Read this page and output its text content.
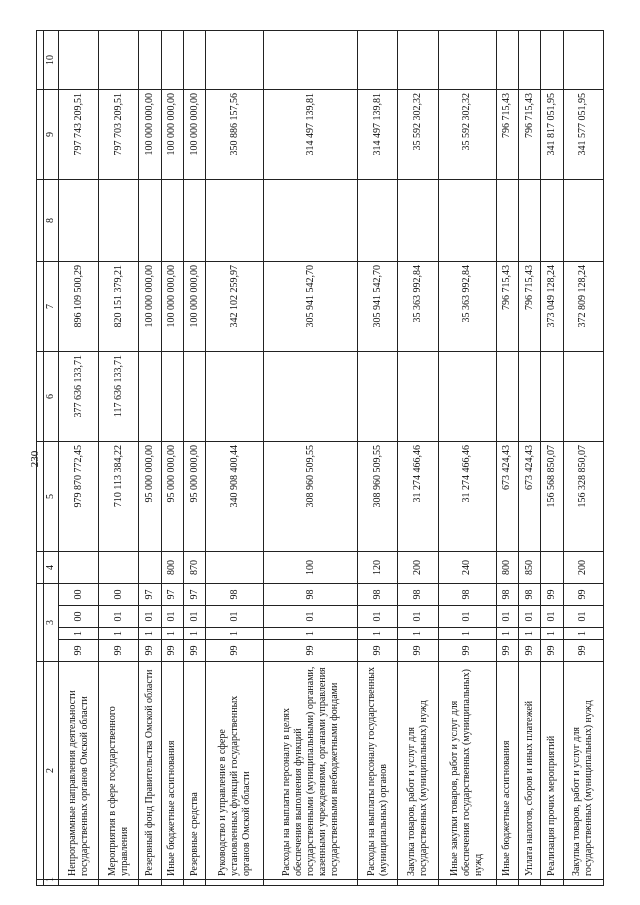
230

1	2	3				4	5	6	7	8	9	10
	Непрограммные направления деятельности государственных органов Омской области	99	1	00	00		979 870 772,45	377 636 133,71	896 109 500,29		797 743 209,51	
	Мероприятия в сфере государственного управления	99	1	01	00		710 113 384,22	117 636 133,71	820 151 379,21		797 703 209,51	
	Резервный фонд Правительства Омской области	99	1	01	97		95 000 000,00		100 000 000,00		100 000 000,00	
	Иные бюджетные ассигнования	99	1	01	97	800	95 000 000,00		100 000 000,00		100 000 000,00	
	Резервные средства	99	1	01	97	870	95 000 000,00		100 000 000,00		100 000 000,00	
	Руководство и управление в сфере установленных функций государственных органов Омской области	99	1	01	98		340 908 400,44		342 102 259,97		350 886 157,56	
	Расходы на выплаты персоналу в целях обеспечения выполнения функций государственными (муниципальными) органами, казенными учреждениями, органами управления государственными внебюджетными фондами	99	1	01	98	100	308 960 509,55		305 941 542,70		314 497 139,81	
	Расходы на выплаты персоналу государственных (муниципальных) органов	99	1	01	98	120	308 960 509,55		305 941 542,70		314 497 139,81	
	Закупка товаров, работ и услуг для государственных (муниципальных) нужд	99	1	01	98	200	31 274 466,46		35 363 992,84		35 592 302,32	
	Иные закупки товаров, работ и услуг для обеспечения государственных (муниципальных) нужд	99	1	01	98	240	31 274 466,46		35 363 992,84		35 592 302,32	
	Иные бюджетные ассигнования	99	1	01	98	800	673 424,43		796 715,43		796 715,43	
	Уплата налогов, сборов и иных платежей	99	1	01	98	850	673 424,43		796 715,43		796 715,43	
	Реализация прочих мероприятий	99	1	01	99		156 568 850,07		373 049 128,24		341 817 051,95	
	Закупка товаров, работ и услуг для государственных (муниципальных) нужд	99	1	01	99	200	156 328 850,07		372 809 128,24		341 577 051,95	
